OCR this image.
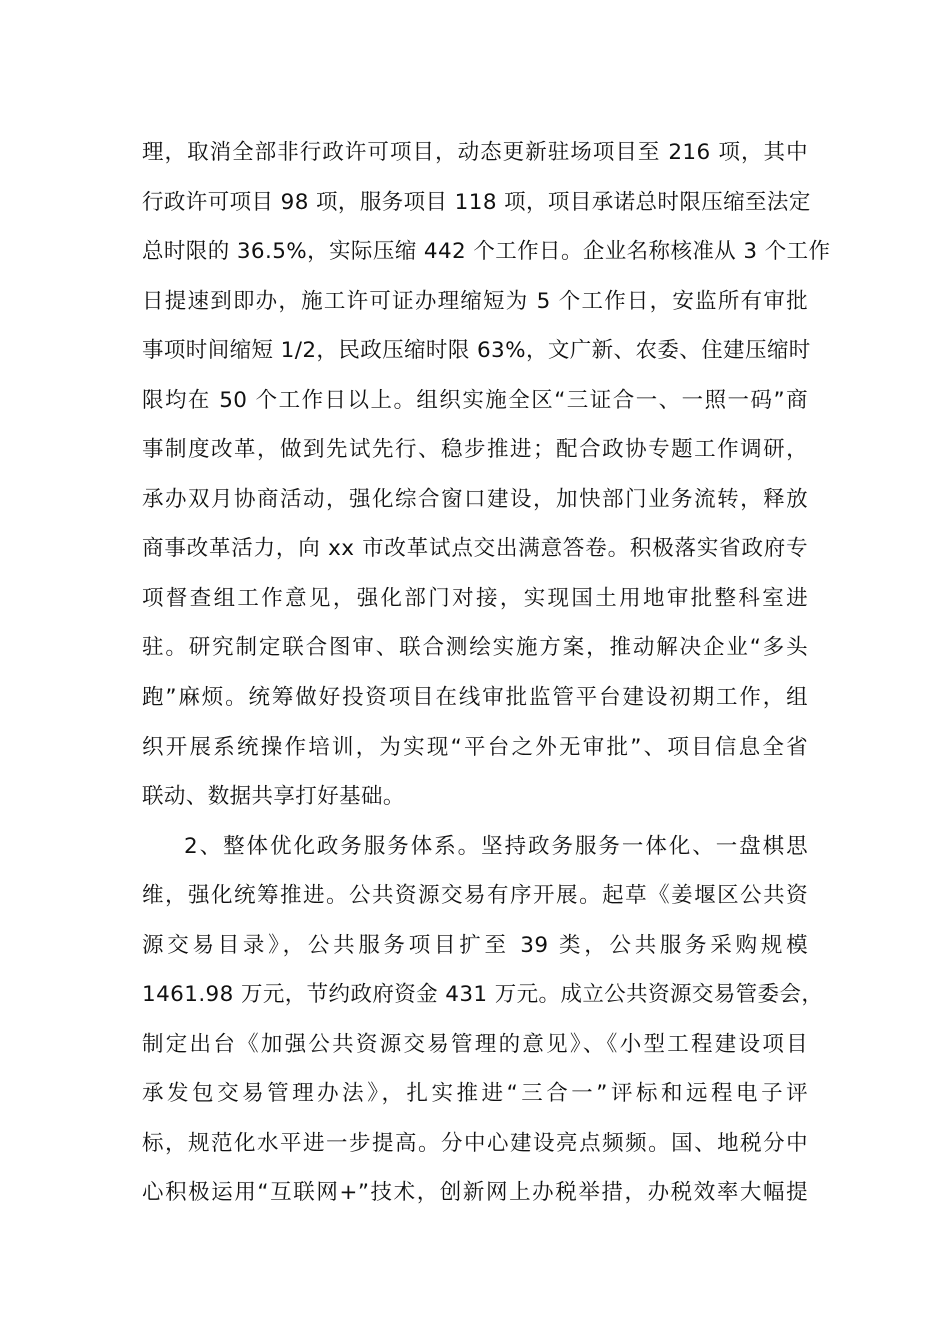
理，取消全部非行政许可项目，动态更新驻场项目至 216 项，其中
行政许可项目 98 项，服务项目 118 项，项目承诺总时限压缩至法定
总时限的 36.5%，实际压缩 442 个工作日。企业名称核准从 3 个工作
日提速到即办，施工许可证办理缩短为 5 个工作日，安监所有审批
事项时间缩短 1/2，民政压缩时限 63%，文广新、农委、住建压缩时
限均在 50 个工作日以上。组织实施全区“三证合一、一照一码”商
事制度改革，做到先试先行、稳步推进；配合政协专题工作调研，
承办双月协商活动，强化综合窗口建设，加快部门业务流转，释放
商事改革活力，向 xx 市改革试点交出满意答卷。积极落实省政府专
项督查组工作意见，强化部门对接，实现国土用地审批整科室进
驻。研究制定联合图审、联合测绘实施方案，推动解决企业“多头
跑”麻烦。统筹做好投资项目在线审批监管平台建设初期工作，组
织开展系统操作培训，为实现“平台之外无审批”、项目信息全省
联动、数据共享打好基础。
2、整体优化政务服务体系。坚持政务服务一体化、一盘棋思
维，强化统筹推进。公共资源交易有序开展。起草《姜堰区公共资
源交易目录》，公共服务项目扩至 39 类，公共服务采购规模
1461.98 万元，节约政府资金 431 万元。成立公共资源交易管委会，
制定出台《加强公共资源交易管理的意见》、《小型工程建设项目
承发包交易管理办法》，扎实推进“三合一”评标和远程电子评
标，规范化水平进一步提高。分中心建设亮点频频。国、地税分中
心积极运用“互联网+”技术，创新网上办税举措，办税效率大幅提
